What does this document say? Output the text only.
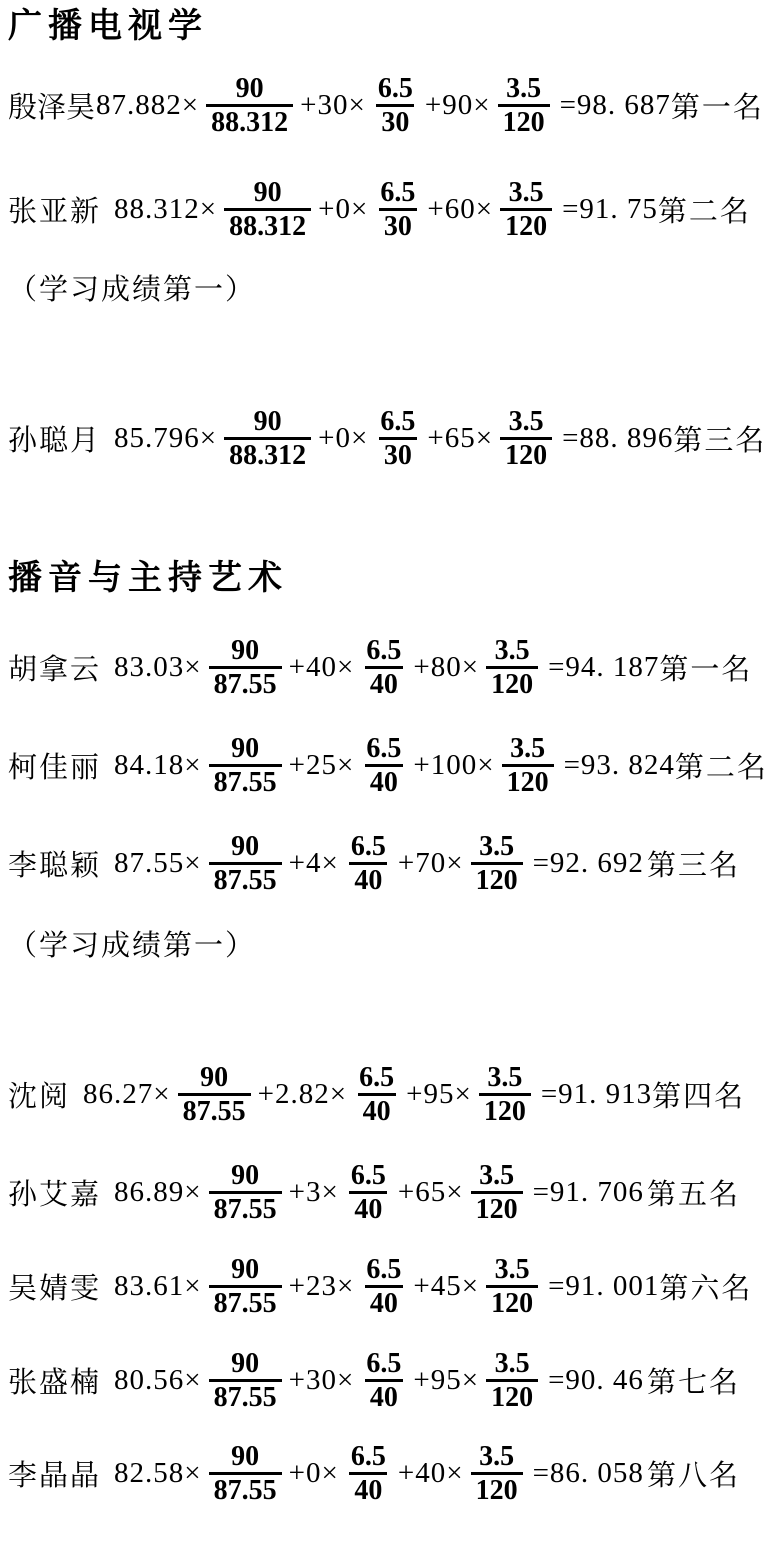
广播电视学
殷泽昊 $87.882\times \frac{90}{88.312} +30\times \frac{6.5}{30} +90\times \frac{3.5}{120} =98$. 687 第一名
张亚新 $88.312\times \frac{90}{88.312} +0\times \frac{6.5}{30} +60\times \frac{3.5}{120} =91$. 75 第二名
（学习成绩第一）
孙聪月 $85.796\times \frac{90}{88.312} +0\times \frac{6.5}{30} +65\times \frac{3.5}{120} =88$. 896 第三名
播音与主持艺术
胡拿云 $83.03\times \frac{90}{87.55} +40\times \frac{6.5}{40} +80\times \frac{3.5}{120} =94$. 187 第一名
柯佳丽 $84.18\times \frac{90}{87.55} +25\times \frac{6.5}{40} +100\times \frac{3.5}{120} =93$. 824 第二名
李聪颖 $87.55\times \frac{90}{87.55} +4\times \frac{6.5}{40} +70\times \frac{3.5}{120} =92$. 692 第三名
（学习成绩第一）
沈阅 $86.27\times \frac{90}{87.55} +2.82\times \frac{6.5}{40} +95\times \frac{3.5}{120} =91$. 913 第四名
孙艾嘉 $86.89\times \frac{90}{87.55} +3\times \frac{6.5}{40} +65\times \frac{3.5}{120} =91$. 706 第五名
吴婧雯 $83.61\times \frac{90}{87.55} +23\times \frac{6.5}{40} +45\times \frac{3.5}{120} =91$. 001 第六名
张盛楠 $80.56\times \frac{90}{87.55} +30\times \frac{6.5}{40} +95\times \frac{3.5}{120} =90$. 46 第七名
李晶晶 $82.58\times \frac{90}{87.55} +0\times \frac{6.5}{40} +40\times \frac{3.5}{120} =86$. 058 第八名
